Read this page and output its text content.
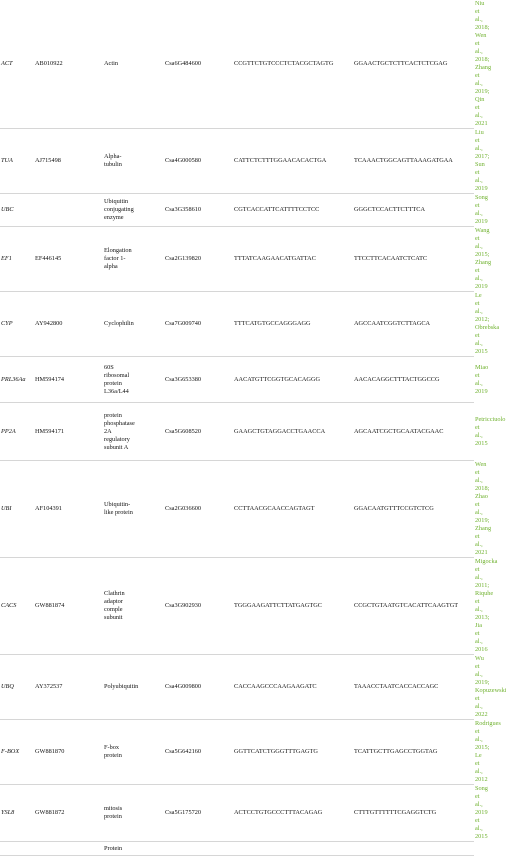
ACT	AB010922	Actin	Csa6G484600	CCGTTCTGTCCCTCTACGCTAGTG	GGAACTGCTCTTCACTCTCGAG	Niu et al., 2018;
Wen et al., 2018;
Zhang et al.,
2019; Qin et al.,
2021

TUA	AJ715498	Alpha-
tubulin	Csa4G000580	CATTCTCTTTGGAACACACTGA	TCAAACTGGCAGTTAAAGATGAA	Liu et al., 2017;
Sun et al., 2019

UBC		Ubiquitin
conjugating
enzyme	Csa3G358610	CGTCACCATTCATTTTCCTCC	GGGCTCCACTTCTTTCA	Song et al., 2019

EF1	EF446145	Elongation
factor 1-
alpha	Csa2G139820	TTTATCAAGAACATGATTAC	TTCCTTCACAATCTCATC	Wang et al.,
2015; Zhang et
al., 2019

CYP	AY942800	Cyclophilin	Csa7G009740	TTTCATGTGCCAGGGAGG	AGCCAATCGGTCTTAGCA	Le et al., 2012;
Obrebska et al.,
2015

PRL36Aa	HM594174	60S
ribosomal
protein
L36a/L44	Csa3G653380	AACATGTTCGGTGCACAGGG	AACACAGGCTTTACTGGCCG	Miao et al., 2019

PP2A	HM594171	protein
phosphatase
2A
regulatory
subunit A	Csa5G608520	GAAGCTGTAGGACCTGAACCA	AGCAATCGCTGCAATACGAAC	Petricciuolo et al.,
2015

UBI	AF104391	Ubiquitin-
like protein	Csa2G036600	CCTTAACGCAACCAGTAGT	GGACAATGTTTCCGTCTCG	Wen et al., 2018;
Zhao et al., 2019;
Zhang et al., 2021

CACS	GW881874	Clathrin
adaptor
comple
subunit	Csa3G902930	TGGGAAGATTCTTATGAGTGC	CCGCTGTAATGTCACATTCAAGTGT	Migocka et al.,
2011; Riquhe et
al., 2013; Jia et al.,
2016

UBQ	AY372537	Polyubiquitin	Csa4G009800	CACCAAGCCCAAGAAGATC	TAAACCTAATCACCACCAGC	Wu et al., 2019;
Kopuzewski et
al., 2022

F-BOX	GW881870	F-box
protein	Csa5G642160	GGTTCATCTGGGTTTGAGTG	TCATTGCTTGAGCCTGGTAG	Rodrigues et al.,
2015; Le et al.,
2012

YSL8	GW881872	mitosis
protein	Csa5G175720	ACTCCTGTGCCCTTTACAGAG	CTTTGTTTTTTCGAGGTCTG	Song et al., 2019
et al., 2015

		Protein				
